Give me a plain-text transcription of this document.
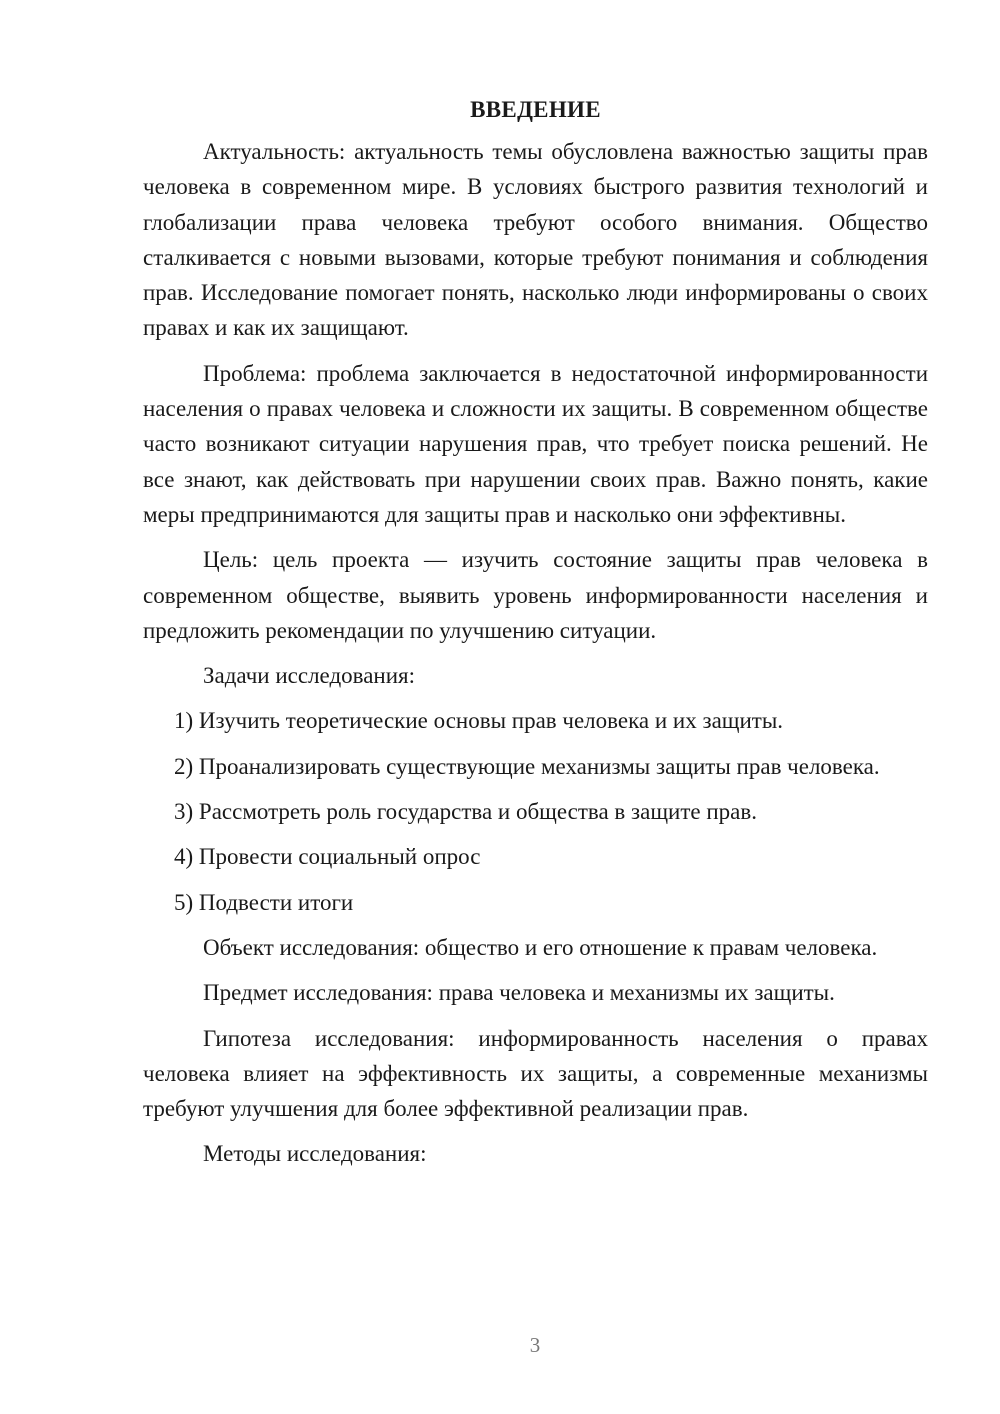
ВВЕДЕНИЕ

Актуальность: актуальность темы обусловлена важностью защиты прав человека в современном мире. В условиях быстрого развития технологий и глобализации права человека требуют особого внимания. Общество сталкивается с новыми вызовами, которые требуют понимания и соблюдения прав. Исследование помогает понять, насколько люди информированы о своих правах и как их защищают.

Проблема: проблема заключается в недостаточной информированности населения о правах человека и сложности их защиты. В современном обществе часто возникают ситуации нарушения прав, что требует поиска решений. Не все знают, как действовать при нарушении своих прав. Важно понять, какие меры предпринимаются для защиты прав и насколько они эффективны.

Цель: цель проекта — изучить состояние защиты прав человека в современном обществе, выявить уровень информированности населения и предложить рекомендации по улучшению ситуации.

Задачи исследования:

1) Изучить теоретические основы прав человека и их защиты.

2) Проанализировать существующие механизмы защиты прав человека.

3) Рассмотреть роль государства и общества в защите прав.

4) Провести социальный опрос

5) Подвести итоги

Объект исследования: общество и его отношение к правам человека.

Предмет исследования: права человека и механизмы их защиты.

Гипотеза исследования: информированность населения о правах человека влияет на эффективность их защиты, а современные механизмы требуют улучшения для более эффективной реализации прав.

Методы исследования:

3
